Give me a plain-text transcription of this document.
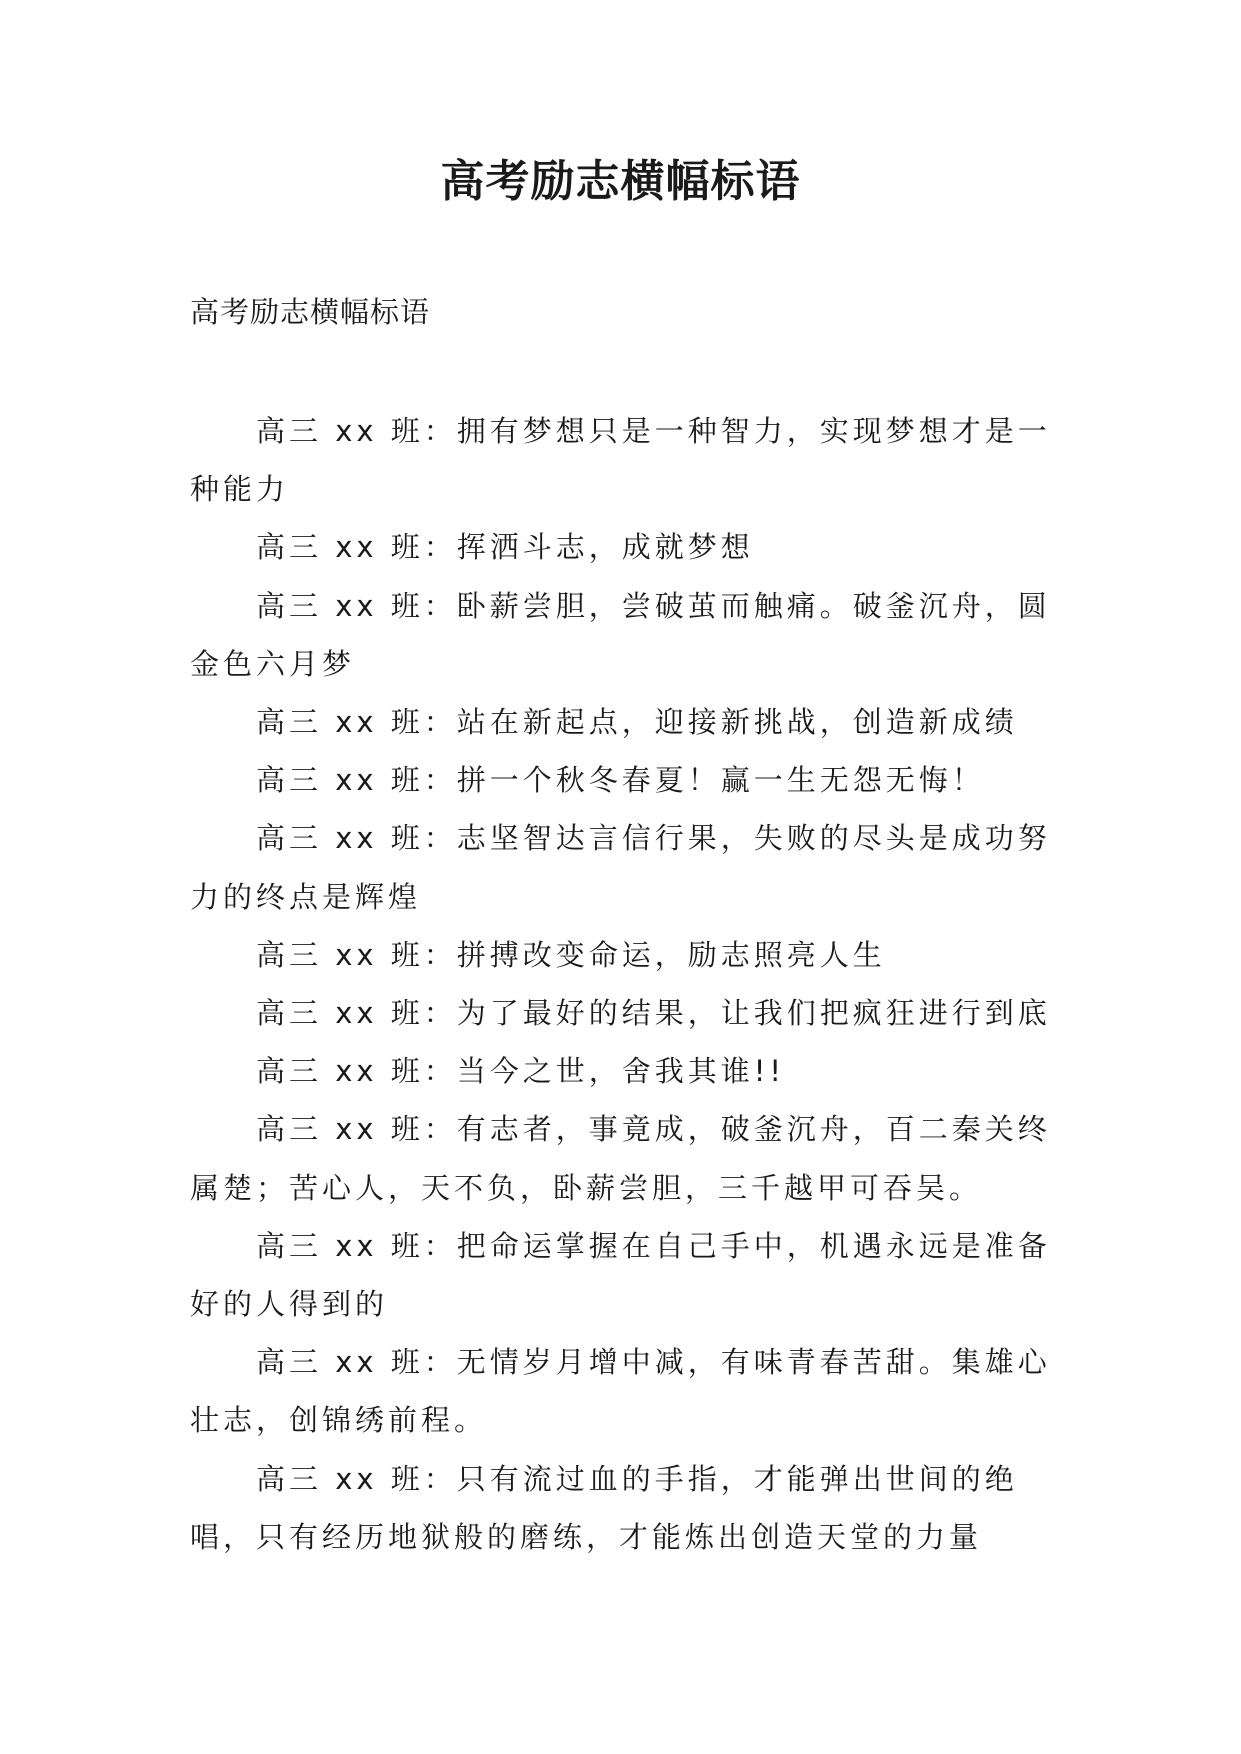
高考励志横幅标语

高考励志横幅标语

高三 xx 班：拥有梦想只是一种智力，实现梦想才是一种能力

高三 xx 班：挥洒斗志，成就梦想

高三 xx 班：卧薪尝胆，尝破茧而触痛。破釜沉舟，圆金色六月梦

高三 xx 班：站在新起点，迎接新挑战，创造新成绩

高三 xx 班：拼一个秋冬春夏！赢一生无怨无悔！

高三 xx 班：志坚智达言信行果，失败的尽头是成功努力的终点是辉煌

高三 xx 班：拼搏改变命运，励志照亮人生

高三 xx 班：为了最好的结果，让我们把疯狂进行到底

高三 xx 班：当今之世，舍我其谁!!

高三 xx 班：有志者，事竟成，破釜沉舟，百二秦关终属楚；苦心人，天不负，卧薪尝胆，三千越甲可吞吴。

高三 xx 班：把命运掌握在自己手中，机遇永远是准备好的人得到的

高三 xx 班：无情岁月增中减，有味青春苦甜。集雄心壮志，创锦绣前程。

高三 xx 班：只有流过血的手指，才能弹出世间的绝唱，只有经历地狱般的磨练，才能炼出创造天堂的力量
